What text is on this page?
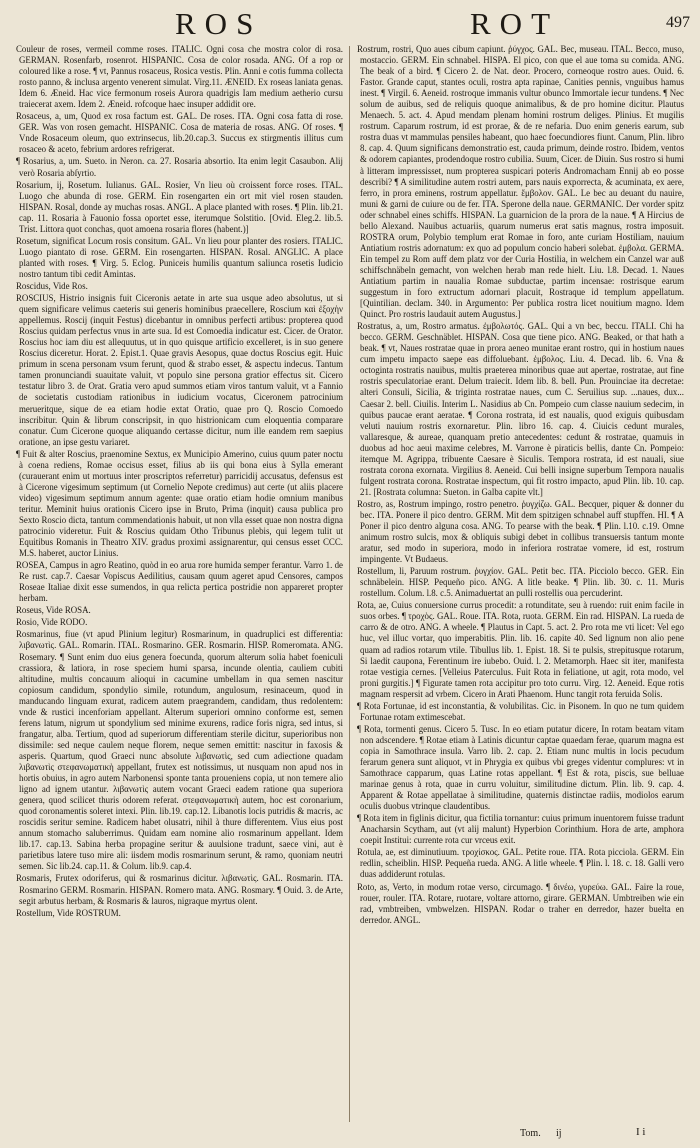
ROS	ROT	497

Couleur de roses, vermeil comme roses. ITALIC. Ogni cosa che mostra color di rosa. GERMAN. Rosenfarb, rosenrot. HISPANIC. Cosa de color rosada. ANG. Of a rop or coloured like a rose. ¶ vt, Pannus rosaceus, Rosica vestis. Plin. Anni e cotis fumma collecta rosto panno, & inclusa argento venerent simulat. Virg.11. ÆNEID. Ex roseas laniata genas. Idem 6. Æneid. Hac vice fermonum roseis Aurora quadrigis Iam medium aetherio cursu traiecerat axem. Idem 2. Æneid. rofcoque haec insuper addidit ore.

Rosaceus, a, um, Quod ex rosa factum est. GAL. De roses. ITA. Ogni cosa fatta di rose. GER. Was von rosen gemacht. HISPANIC. Cosa de materia de rosas. ANG. Of roses. ¶ Vnde Rosaceum oleum, quo extrinsecus, lib.20.cap.3. Succus ex stirgmentis illitus cum rosaceo & aceto, febrium ardores refrigerat.

¶ Rosarius, a, um. Sueto. in Neron. ca. 27. Rosaria absortio. Ita enim legit Casaubon. Alij verò Rosaria abſyrtio.

Rosarium, ij, Rosetum. Iulianus. GAL. Rosier, Vn lieu où croissent force roses. ITAL. Luogo che abunda di rose. GERM. Ein rosengarten ein ort mit viel rosen stauden. HISPAN. Rosal, donde ay muchas rosas. ANGL. A place planted with roses. ¶ Plin. lib.21. cap. 11. Rosaria à Fauonio fossa oportet esse, iterumque Solstitio. [Ovid. Eleg.2. lib.5. Trist. Littora quot conchas, quot amoena rosaria flores (habent.)]

Rosetum, significat Locum rosis consitum. GAL. Vn lieu pour planter des rosiers. ITALIC. Luogo piantato di rose. GERM. Ein rosengarten. HISPAN. Rosal. ANGLIC. A place planted with roses. ¶ Virg. 5. Eclog. Puniceis humilis quantum saliunca rosetis Iudicio nostro tantum tibi cedit Amintas.

Roscidus, Vide Ros.

ROSCIUS, Histrio insignis fuit Ciceronis aetate in arte sua usque adeo absolutus, ut si quem significare velimus caeteris sui generis hominibus praecellere, Roscium καὶ ἐξοχὴν appellemus. Roscij (inquit Festus) dicebantur in omnibus perfecti artibus: propterea quod Roscius quidam perfectus vnus in arte sua. Id est Comoedia indicatur est. Cicer. de Orator. Roscius hoc iam diu est allequutus, ut in quo quisque artificio excelleret, is in suo genere Roscius diceretur. Horat. 2. Epist.1. Quae gravis Aesopus, quae doctus Roscius egit. Huic primum in scena personam vsum ferunt, quod & strabo esset, & aspectu indecus. Tantum tamen pronunciandi suauitate valuit, vt populo sine persona gratior effectus sit. Cicero testatur libro 3. de Orat. Gratia vero apud summos etiam viros tantum valuit, vt a Fannio de societatis custodiam rationibus in iudicium vocatus, Ciceronem patrocinium merueritque, sique de ea etiam hodie extat Oratio, quae pro Q. Roscio Comoedo inscribitur. Quin & librum conscripsit, in quo histrionicam cum eloquentia comparare conatur. Cum Cicerone quoque aliquando certasse dicitur, num ille eandem rem saepius oratione, an ipse gestu variaret.

¶ Fuit & alter Roscius, praenomine Sextus, ex Municipio Amerino, cuius quum pater noctu à coena rediens, Romae occisus esset, filius ab iis qui bona eius à Sylla emerant (curauerant enim ut mortuus inter proscriptos referretur) parricidij accusatus, defensus est à Cicerone vigesimum septimum (ut Cornelio Nepote credimus) aut certe (ut aliis placere video) vigesimum septimum annum agente: quae oratio etiam hodie omnium manibus teritur. Meminit huius orationis Cicero ipse in Bruto, Prima (inquit) causa publica pro Sexto Roscio dicta, tantum commendationis habuit, ut non vlla esset quae non nostra digna patrocinio videretur. Fuit & Roscius quidam Otho Tribunus plebis, qui legem tulit ut Equitibus Romanis in Theatro XIV. gradus proximi assignarentur, qui census esset CCC. M.S. haberet, auctor Linius.

ROSEA, Campus in agro Reatino, quòd in eo arua rore humida semper ferantur. Varro 1. de Re rust. cap.7. Caesar Vopiscus Aedilitius, causam quum ageret apud Censores, campos Roseae Italiae dixit esse sumendos, in qua relicta pertica postridie non appareret propter herbam.

Roseus, Vide ROSA.

Rosio, Vide RODO.

Rosmarinus, fiue (vt apud Plinium legitur) Rosmarinum, in quadruplici est differentia: λιβανωτὶς. GAL. Romarin. ITAL. Rosmarino. GER. Rosmarin. HISP. Romeromata. ANG. Rosemary. ¶ Sunt enim duo eius genera foecunda, quorum alterum solia habet foeniculi crassiora, & latiora, in rose speciem humi sparsa, incunde olentia, cauliem cubiti altitudine, multis concauum alioqui in cacumine umbellam in qua semen nascitur copiosum candidum, spondylio simile, rotundum, angulosum, resinaceum, quod in manducando linguam exurat, radicem autem praegrandem, candidam, thus redolentem: vnde & rustici incenforiam appellant. Alterum superiori omnino conforme est, semen ferens latum, nigrum ut spondylium sed minime exurens, radice foris nigra, sed intus, si frangatur, alba. Tertium, quod ad superiorum differentiam sterile dicitur, superioribus non dissimile: sed neque caulem neque florem, neque semen emittit: nascitur in faxosis & asperis. Quartum, quod Graeci nunc absolute λιβανωτὶς, sed cum adiectione quadam λιβανωτὶς στεφανωματικὴ appellant, frutex est notissimus, ut nusquam non apud nos in hortis obuius, in agro autem Narbonensi sponte tanta proueniens copia, ut non temere alio ligno ad ignem utantur. λιβανωτὶς autem vocant Graeci eadem ratione qua superiora genera, quod scilicet thuris odorem referat. στεφανωματικὴ autem, hoc est coronarium, quod coronamentis soleret intexi. Plin. lib.19. cap.12. Libanotis locis putridis & macris, ac roscidis seritur semine. Radicem habet olusatri, nihil à thure differentem. Vius eius post annum stomacho saluberrimus. Quidam eam nomine alio rosmarinum appellant. Idem lib.17. cap.13. Sabina herba propagine seritur & auulsione tradunt, saece vini, aut è parietibus latere tuso mire ali: iisdem modis rosmarinum serunt, & ramo, quoniam neutri semen. Sic lib.24. cap.11. & Colum. lib.9. cap.4.

Rosmaris, Frutex odoriferus, qui & rosmarinus dicitur. λιβανωτὶς. GAL. Rosmarin. ITA. Rosmarino GERM. Rosmarin. HISPAN. Romero mata. ANG. Rosmary. ¶ Ouid. 3. de Arte, segit arbutus herbam, & Rosmaris & lauros, nigraque myrtus olent.

Rostellum, Vide ROSTRUM.

Rostrum, rostri, Quo aues cibum capiunt. ῥύγχος. GAL. Bec, museau. ITAL. Becco, muso, mostaccio. GERM. Ein schnabel. HISPA. El pico, con que el aue toma su comida. ANG. The beak of a bird. ¶ Cicero 2. de Nat. deor. Procero, corneoque rostro aues. Ouid. 6. Fastor. Grande caput, stantes oculi, rostra apta rapinae, Canities pennis, vnguibus hamus inest. ¶ Virgil. 6. Aeneid. rostroque immanis vultur obunco Immortale iecur tundens. ¶ Nec solum de auibus, sed de reliquis quoque animalibus, & de pro homine dicitur. Plautus Menaech. 5. act. 4. Apud mendam plenam homini rostrum deliges. Plinius. Et mugilis rostrum. Caparum rostrum, id est prorae, & de re nefaria. Duo enim generis earum, sub rostra duas vt mammulas pensiles habeant, quo haec foecundiores fiunt. Canum, Plin. libro 8. cap. 4. Quum significans demonstratio est, cauda primum, deinde rostro. Ibidem, ventos & odorem capiantes, prodendoque rostro cubilia. Suum, Cicer. de Diuin. Sus rostro si humi à litteram impressisset, num propterea suspicari poteris Andromacham Ennij ab eo posse describi? ¶ A similitudine autem rostri autem, pars nauis exporrecta, & acuminata, ex aere, ferro, in prora eminens, rostrum appellatur. ἔμβολον. GAL. Le bec au deuant du nauire, muni & garni de cuiure ou de fer. ITA. Sperone della naue. GERMANIC. Der vorder spitz oder schnabel eines schiffs. HISPAN. La guarnicion de la prora de la naue. ¶ A Hircius de bello Alexand. Nauibus actuariis, quarum numerus erat satis magnus, rostra imposuit. ROSTRA orum, Polybio templum erat Romae in foro, ante curiam Hostiliam, nauium Antiatium rostris adornatum: ex quo ad populum concio haberi solebat. ἐμβολα. GERMA. Ein tempel zu Rom auff dem platz vor der Curia Hostilia, in welchem ein Canzel war auß schiffschnäbeln gemacht, von welchen herab man rede hielt. Liu. l.8. Decad. 1. Naues Antiatium partim in naualia Romae subductae, partim incensae: rostrisque earum suggestum in foro extructum adornari placuit, Rostraque id templum appellatum. [Quintilian. declam. 340. in Argumento: Per publica rostra licet nouitium magno. Idem Quinct. Pro rostris laudauit autem Augustus.]

Rostratus, a, um, Rostro armatus. ἐμβολωτός. GAL. Qui a vn bec, beccu. ITALI. Chi ha becco. GERM. Geschnäblet. HISPAN. Cosa que tiene pico. ANG. Beaked, or that hath a beak. ¶ vt, Naues rostratae quae in prora aeneo munitae erant rostro, qui in hostium naues cum impetu impacto saepe eas diffoluebant. ἐμβολος. Liu. 4. Decad. lib. 6. Vna & octoginta rostratis nauibus, multis praeterea minoribus quae aut apertae, rostratae, aut fine rostris speculatoriae erant. Delum traiecit. Idem lib. 8. bell. Pun. Prouinciae ita decretae: alteri Consuli, Sicilia, & triginta rostratae naues, cum C. Seruilius sup. ...naues, dux... Caesar 2. bell. Ciuilis. Interim L. Nasidius ab Cn. Pompeio cum classe nauium sedecim, in quibus paucae erant aeratae. ¶ Corona rostrata, id est naualis, quod exiguis quibusdam veluti nauium rostris exornaretur. Plin. libro 16. cap. 4. Ciuicis cedunt murales, vallaresque, & aureae, quanquam pretio antecedentes: cedunt & rostratae, quamuis in duobus ad hoc aeui maxime celebres, M. Varrone è piraticis bellis, dante Cn. Pompeio: itemque M. Agrippa, tribuente Caesare è Siculis. Tempora rostrata, id est nauali, siue rostrata corona exornata. Virgilius 8. Aeneid. Cui belli insigne superbum Tempora naualis fulgent rostrata corona. Rostratae inspectum, qui fit rostro impacto, apud Plin. lib. 10. cap. 21. [Rostrata columna: Sueton. in Galba capite vlt.]

Rostro, as, Rostrum impingo, rostro penetro. ῥυγχίζω. GAL. Becquer, piquer & donner du bec. ITA. Ponere il pico dentro. GERM. Mit dem spitzigen schnabel auff stupffen. HI. ¶ A Poner il pico dentro alguna cosa. ANG. To pearse with the beak. ¶ Plin. l.10. c.19. Omne animum rostro sulcis, mox & obliquis subigi debet in collibus transuersis tantum monte aratur, sed modo in superiora, modo in inferiora rostratae vomere, id est, rostrum impingente. Vt Budaeus.

Rostellum, li, Paruum rostrum. ῥυγχίον. GAL. Petit bec. ITA. Picciolo becco. GER. Ein schnäbelein. HISP. Pequeño pico. ANG. A litle beake. ¶ Plin. lib. 30. c. 11. Muris rostellum. Colum. l.8. c.5. Animaduertat an pulli rostellis oua percuderint.

Rota, ae, Cuius conuersione currus procedit: a rotunditate, seu à ruendo: ruit enim facile in suos orbes. ¶ τροχὸς. GAL. Roue. ITA. Rota, ruota. GERM. Ein rad. HISPAN. La rueda de carro & de otro. ANG. A wheele. ¶ Plautus in Capt. 5. act. 2. Pro rota me vti licet: Vel ego huc, vel illuc vortar, quo imperabitis. Plin. lib. 16. capite 40. Sed lignum non alio pene quam ad radios rotarum vtile. Tibullus lib. 1. Epist. 18. Si te pulsis, strepitusque rotarum, Si laedit caupona, Ferentinum ire iubebo. Ouid. l. 2. Metamorph. Haec sit iter, manifesta rotae vestigia cernes. [Velleius Paterculus. Fuit Rota in feliatione, ut agit, rota modo, vel proni gurgitis.] ¶ Figurate tamen rota accipitur pro toto curru. Virg. 12. Aeneid. Eque rotis magnam respersit ad vrbem. Cicero in Arati Phaenom. Hunc tangit rota feruida Solis.

¶ Rota Fortunae, id est inconstantia, & volubilitas. Cic. in Pisonem. In quo ne tum quidem Fortunae rotam extimescebat.

¶ Rota, tormenti genus. Cicero 5. Tusc. In eo etiam putatur dicere, In rotam beatam vitam non adscendere. ¶ Rotae etiam à Latinis dicuntur captae quaedam ferae, quarum magna est copia in Samothrace insula. Varro lib. 2. cap. 2. Etiam nunc multis in locis pecudum ferarum genera sunt aliquot, vt in Phrygia ex quibus vbi greges videntur complures: vt in Samothrace capparum, quas Latine rotas appellant. ¶ Est & rota, piscis, sue belluae marinae genus à rota, quae in curru voluitur, similitudine dictum. Plin. lib. 9. cap. 4. Apparent & Rotae appellatae à similitudine, quaternis distinctae radiis, modiolos earum oculis duobus vtrinque claudentibus.

¶ Rota item in figlinis dicitur, qua fictilia tornantur: cuius primum inuentorem fuisse tradunt Anacharsin Scytham, aut (vt alij malunt) Hyperbion Corinthium. Hora de arte, amphora coepit Institui: currente rota cur vrceus exit.

Rotula, ae, est diminutiuum. τροχίσκος. GAL. Petite roue. ITA. Rota picciola. GERM. Ein redlin, scheiblin. HISP. Pequeña rueda. ANG. A litle wheele. ¶ Plin. l. 18. c. 18. Galli vero duas addiderunt rotulas.

Roto, as, Verto, in modum rotae verso, circumago. ¶ δινέω, γυρεύω. GAL. Faire la roue, rouer, rouler. ITA. Rotare, ruotare, voltare attorno, girare. GERMAN. Umbtreiben wie ein rad, vmbtreiben, vmbwelzen. HISPAN. Rodar o traher en derredor, hazer buelta en derredor. ANGL.

Tom. ij	I i
